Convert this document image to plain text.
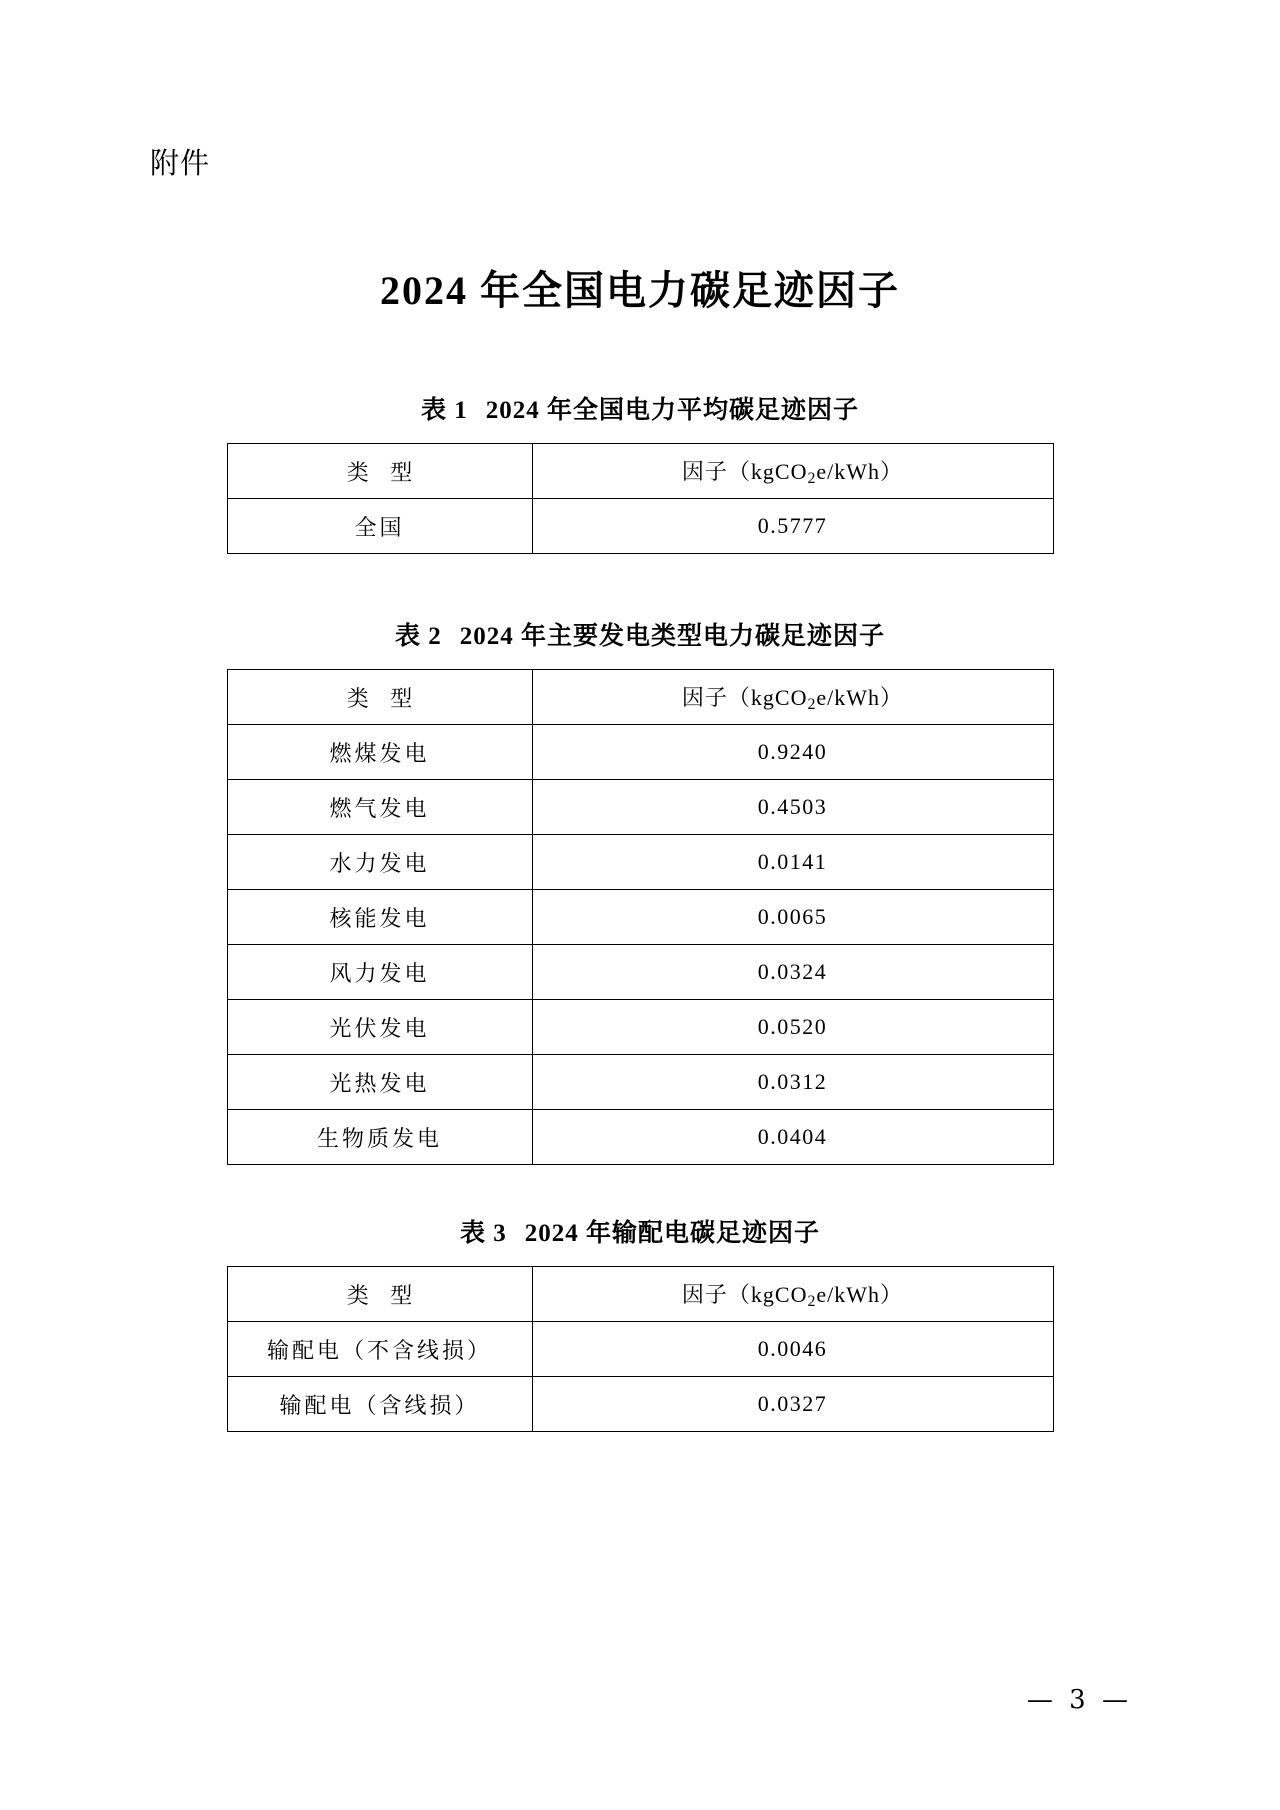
附件
2024 年全国电力碳足迹因子
表 1 2024 年全国电力平均碳足迹因子
类 型	因子（kgCO$_2$e/kWh）
全国	0.5777
表 2 2024 年主要发电类型电力碳足迹因子
类 型	因子（kgCO$_2$e/kWh）
燃煤发电	0.9240
燃气发电	0.4503
水力发电	0.0141
核能发电	0.0065
风力发电	0.0324
光伏发电	0.0520
光热发电	0.0312
生物质发电	0.0404
表 3 2024 年输配电碳足迹因子
类 型	因子（kgCO$_2$e/kWh）
输配电（不含线损）	0.0046
输配电（含线损）	0.0327
— 3 —
